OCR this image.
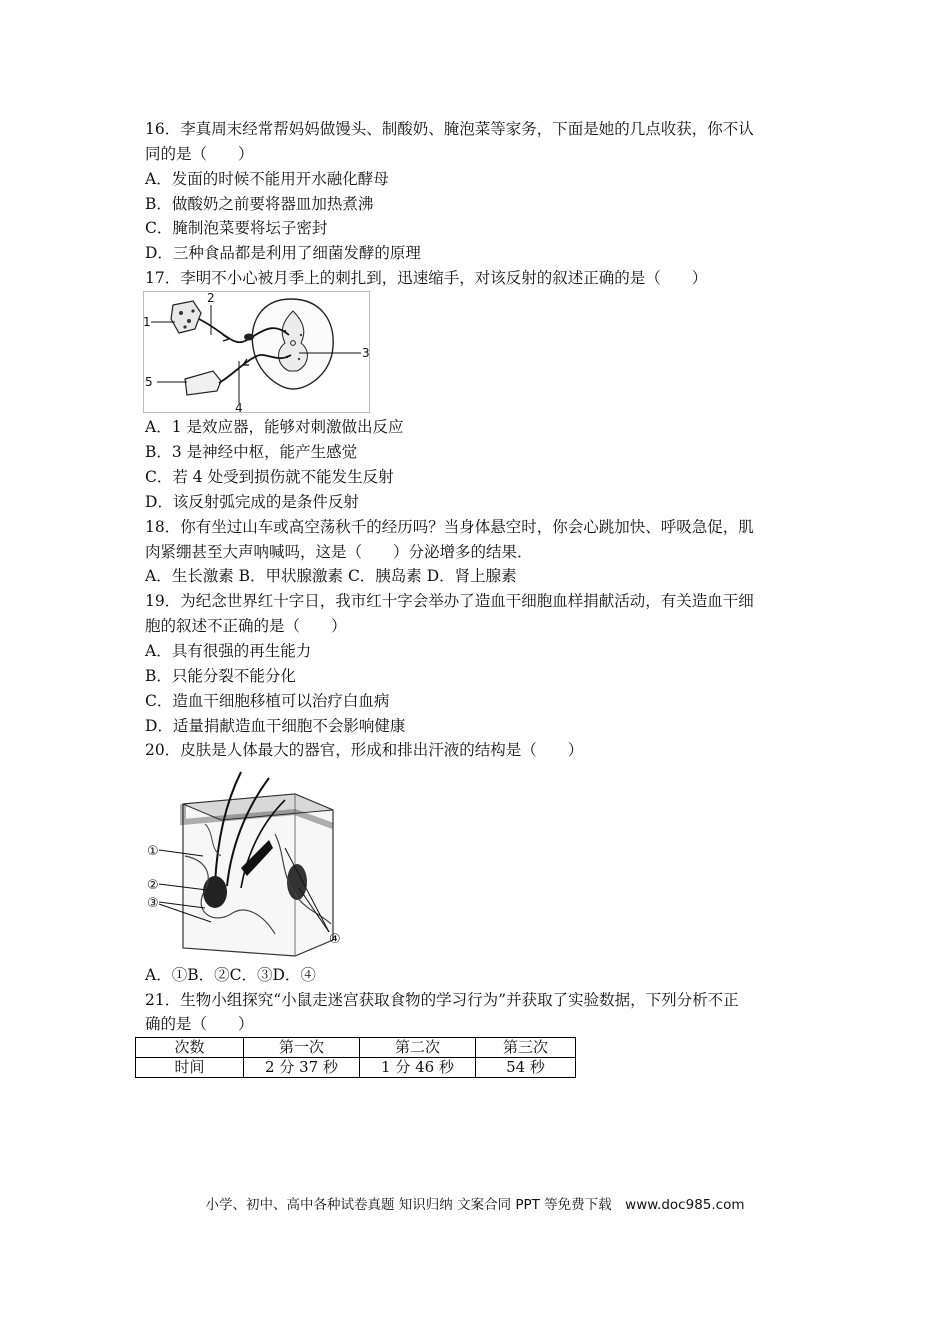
16．李真周末经常帮妈妈做馒头、制酸奶、腌泡菜等家务，下面是她的几点收获，你不认
同的是（　　）
A．发面的时候不能用开水融化酵母
B．做酸奶之前要将器皿加热煮沸
C．腌制泡菜要将坛子密封
D．三种食品都是利用了细菌发酵的原理
17．李明不小心被月季上的刺扎到，迅速缩手，对该反射的叙述正确的是（　　）
1
2
3
4
5
A．1 是效应器，能够对刺激做出反应
B．3 是神经中枢，能产生感觉
C．若 4 处受到损伤就不能发生反射
D．该反射弧完成的是条件反射
18．你有坐过山车或高空荡秋千的经历吗？当身体悬空时，你会心跳加快、呼吸急促，肌
肉紧绷甚至大声呐喊吗，这是（　　）分泌增多的结果．
A．生长激素 B．甲状腺激素 C．胰岛素 D．肾上腺素
19．为纪念世界红十字日，我市红十字会举办了造血干细胞血样捐献活动，有关造血干细
胞的叙述不正确的是（　　）
A．具有很强的再生能力
B．只能分裂不能分化
C．造血干细胞移植可以治疗白血病
D．适量捐献造血干细胞不会影响健康
20．皮肤是人体最大的器官，形成和排出汗液的结构是（　　）
①
②
③
④
A．①B．②C．③D．④
21．生物小组探究“小鼠走迷宫获取食物的学习行为”并获取了实验数据，下列分析不正
确的是（　　）
次数	第一次	第二次	第三次
时间	2 分 37 秒	1 分 46 秒	54 秒
小学、初中、高中各种试卷真题 知识归纳 文案合同 PPT 等免费下载　www.doc985.com
